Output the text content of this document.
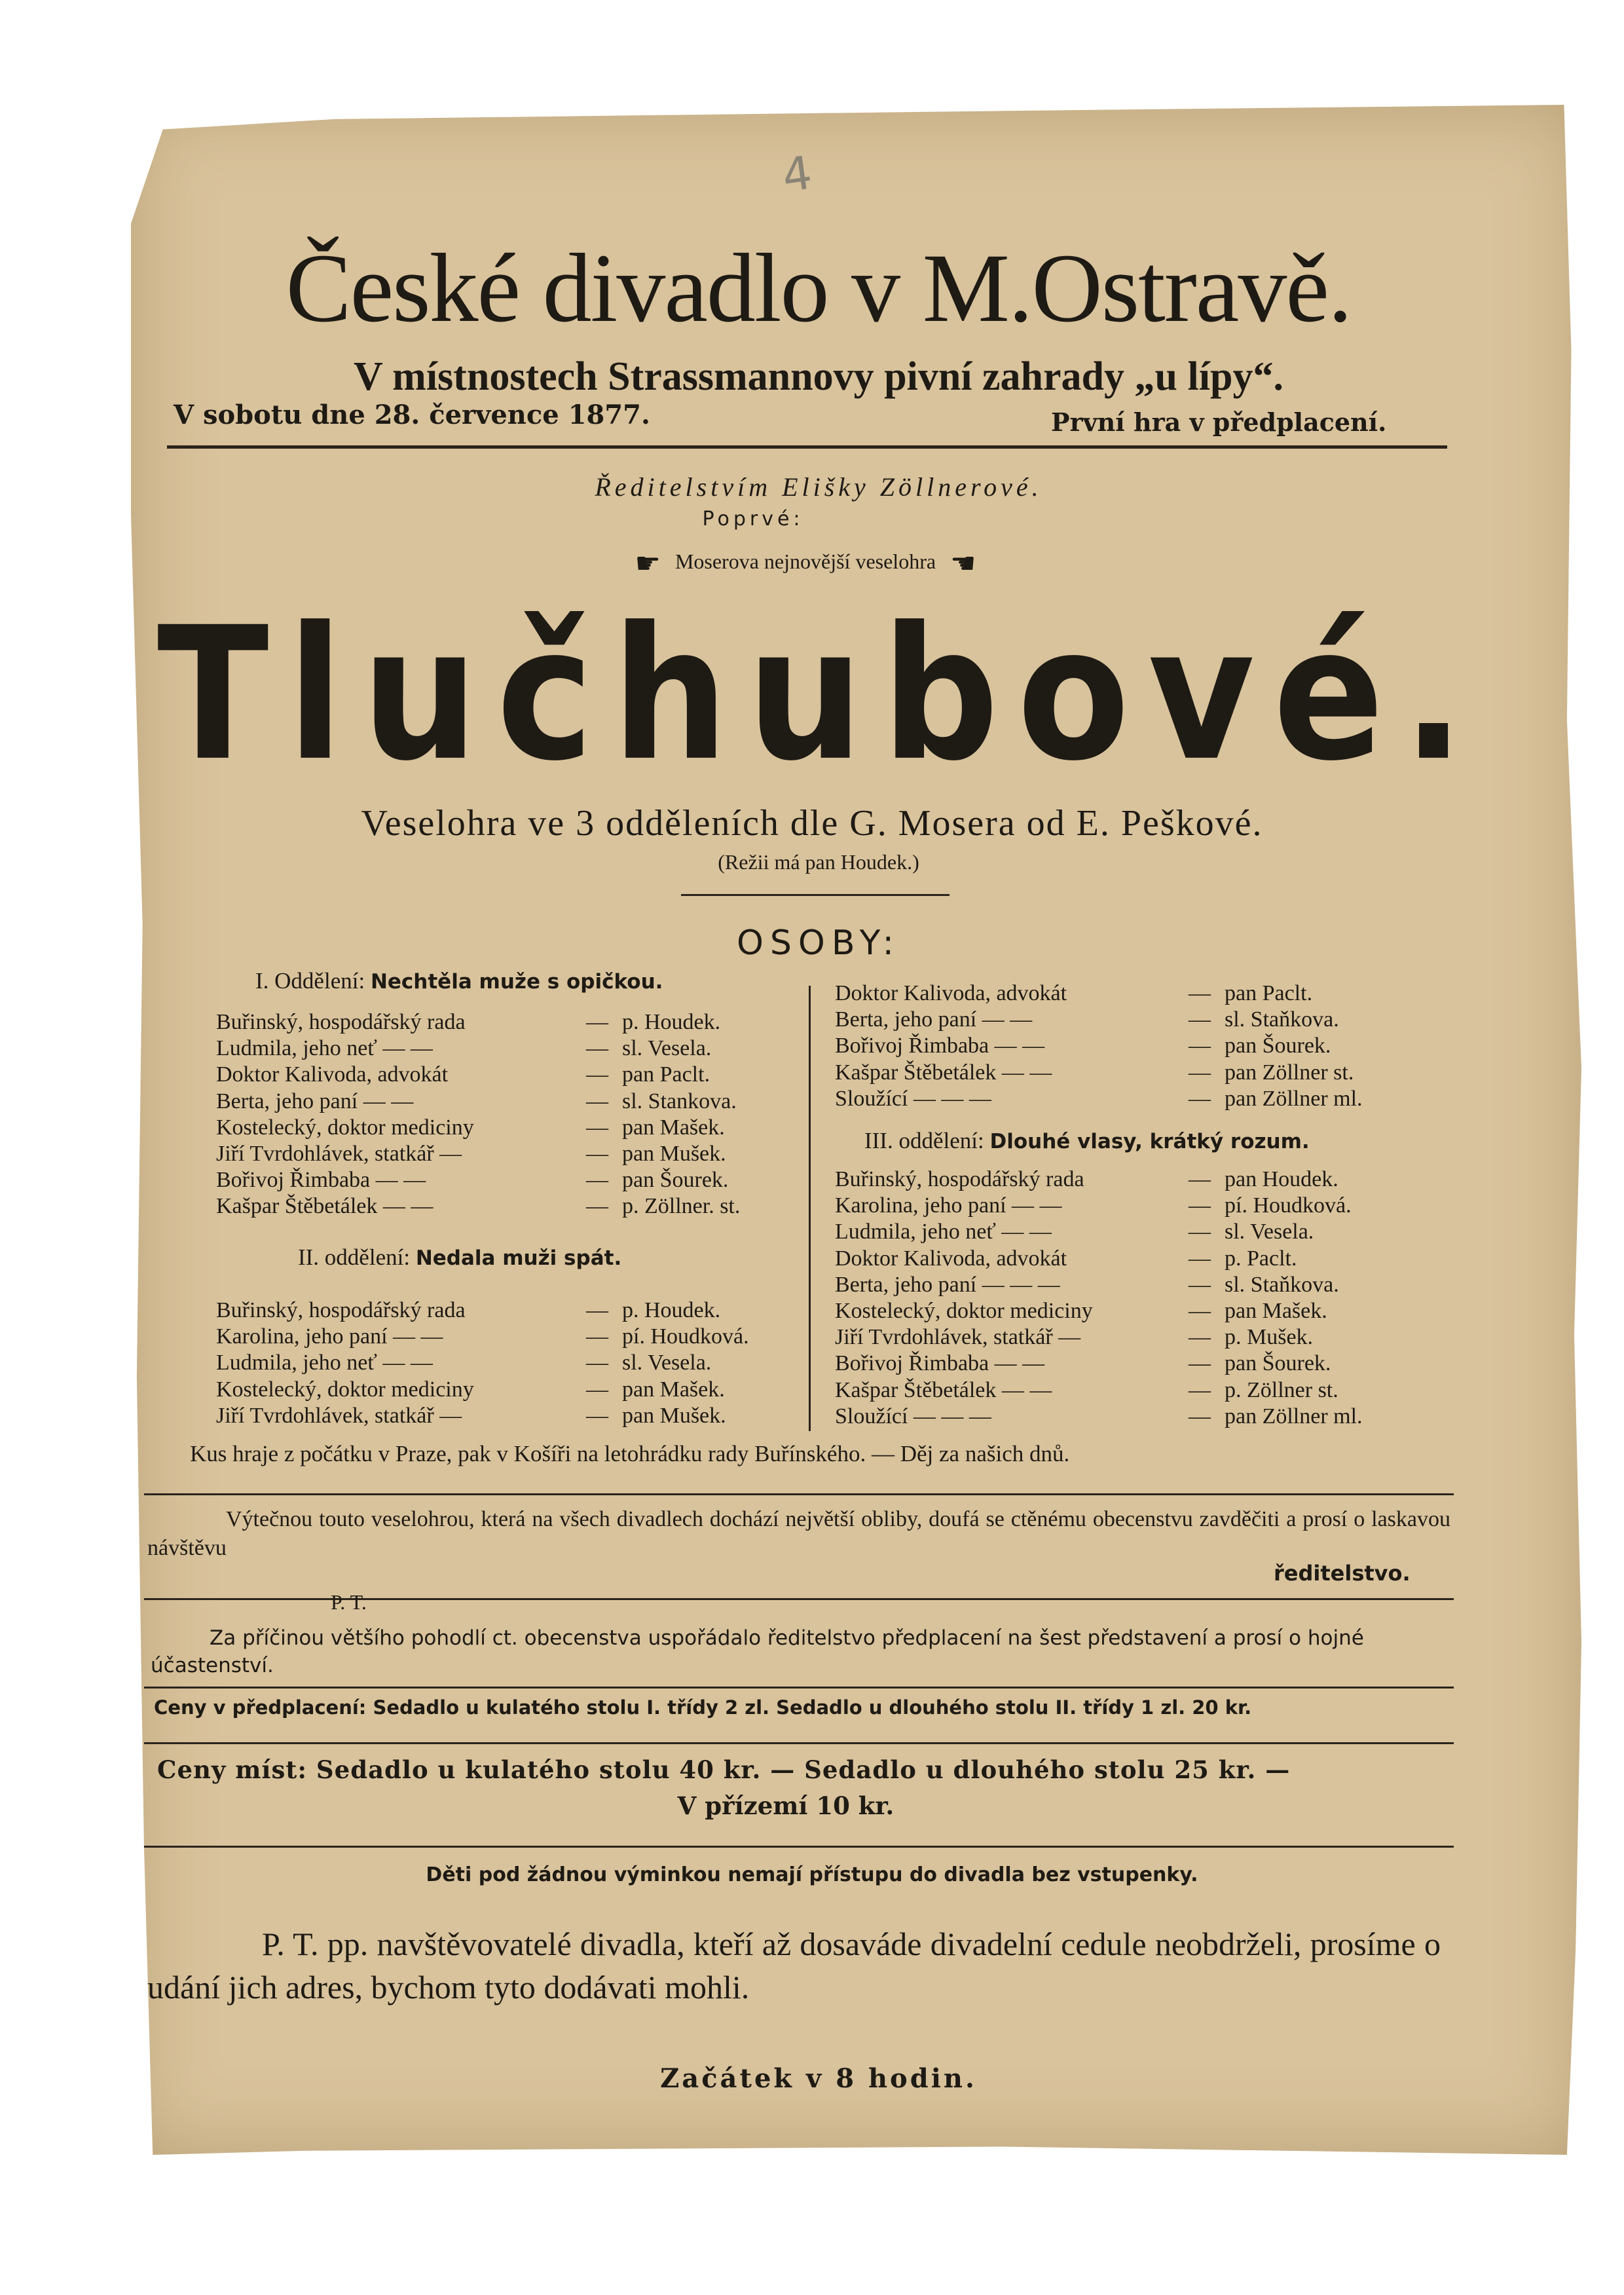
4
České divadlo v M.Ostravě.
V místnostech Strassmannovy pivní zahrady „u lípy“.
V sobotu dne 28. července 1877.	První hra v předplacení.
Ředitelstvím Elišky Zöllnerové.
Poprvé:
☛ Moserova nejnovější veselohra ☚
Tlučhubové.
Veselohra ve 3 odděleních dle G. Mosera od E. Peškové.
(Režii má pan Houdek.)
OSOBY:
I. Oddělení: Nechtěla muže s opičkou.
Buřinský, hospodářský rada	— p. Houdek.
Ludmila, jeho neť — —	— sl. Vesela.
Doktor Kalivoda, advokát	— pan Paclt.
Berta, jeho paní — —	— sl. Stankova.
Kostelecký, doktor mediciny	— pan Mašek.
Jiří Tvrdohlávek, statkář —	— pan Mušek.
Bořivoj Řimbaba — —	— pan Šourek.
Kašpar Štěbetálek — —	— p. Zöllner. st.
II. oddělení: Nedala muži spát.
Buřinský, hospodářský rada	— p. Houdek.
Karolina, jeho paní — —	— pí. Houdková.
Ludmila, jeho neť — —	— sl. Vesela.
Kostelecký, doktor mediciny	— pan Mašek.
Jiří Tvrdohlávek, statkář —	— pan Mušek.
Doktor Kalivoda, advokát	— pan Paclt.
Berta, jeho paní — —	— sl. Staňkova.
Bořivoj Řimbaba — —	— pan Šourek.
Kašpar Štěbetálek — —	— pan Zöllner st.
Sloužící — — —	— pan Zöllner ml.
III. oddělení: Dlouhé vlasy, krátký rozum.
Buřinský, hospodářský rada	— pan Houdek.
Karolina, jeho paní — —	— pí. Houdková.
Ludmila, jeho neť — —	— sl. Vesela.
Doktor Kalivoda, advokát	— p. Paclt.
Berta, jeho paní — — —	— sl. Staňkova.
Kostelecký, doktor mediciny	— pan Mašek.
Jiří Tvrdohlávek, statkář —	— p. Mušek.
Bořivoj Řimbaba — —	— pan Šourek.
Kašpar Štěbetálek — —	— p. Zöllner st.
Sloužící — — —	— pan Zöllner ml.
Kus hraje z počátku v Praze, pak v Košíři na letohrádku rady Buřínského. — Děj za našich dnů.
Výtečnou touto veselohrou, která na všech divadlech dochází největší obliby, doufá se ctěnému obecenstvu zavděčiti a prosí o laskavou návštěvu
ředitelstvo.
P. T.
Za příčinou většího pohodlí ct. obecenstva uspořádalo ředitelstvo předplacení na šest představení a prosí o hojné účastenství.
Ceny v předplacení: Sedadlo u kulatého stolu I. třídy 2 zl. Sedadlo u dlouhého stolu II. třídy 1 zl. 20 kr.
Ceny míst: Sedadlo u kulatého stolu 40 kr. — Sedadlo u dlouhého stolu 25 kr. —
V přízemí 10 kr.
Děti pod žádnou výminkou nemají přístupu do divadla bez vstupenky.
P. T. pp. navštěvovatelé divadla, kteří až dosaváde divadelní cedule neobdrželi, prosíme o udání jich adres, bychom tyto dodávati mohli.
Začátek v 8 hodin.
